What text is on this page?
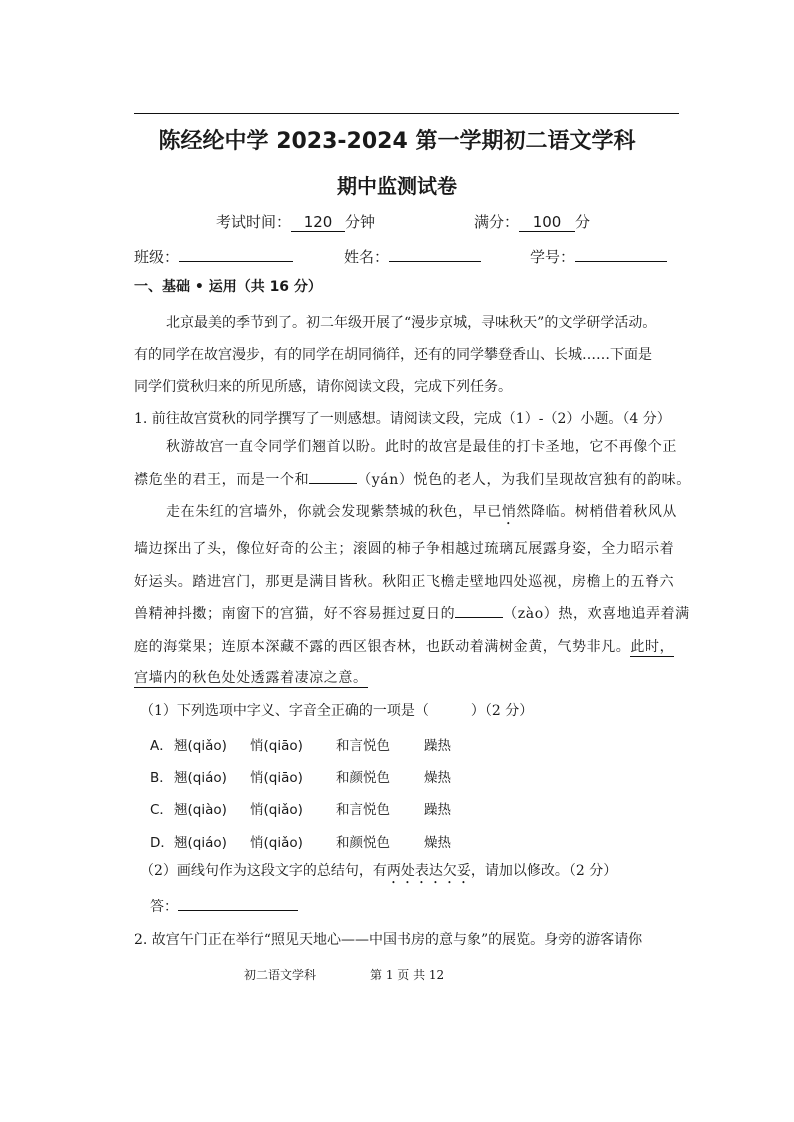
陈经纶中学 2023-2024 第一学期初二语文学科
期中监测试卷
考试时间： 120 分钟	满分： 100 分
班级：	姓名：	学号：
一、基础 • 运用（共 16 分）
北京最美的季节到了。初二年级开展了“漫步京城，寻味秋天”的文学研学活动。
有的同学在故宫漫步，有的同学在胡同徜徉，还有的同学攀登香山、长城……下面是
同学们赏秋归来的所见所感，请你阅读文段，完成下列任务。
1. 前往故宫赏秋的同学撰写了一则感想。请阅读文段，完成（1）-（2）小题。（4 分）
秋游故宫一直令同学们翘首以盼。此时的故宫是最佳的打卡圣地，它不再像个正
襟危坐的君王，而是一个和	（yán）悦色的老人，为我们呈现故宫独有的韵味。
走在朱红的宫墙外，你就会发现紫禁城的秋色，早已悄然降临。树梢借着秋风从
墙边探出了头，像位好奇的公主；滚圆的柿子争相越过琉璃瓦展露身姿，全力昭示着
好运头。踏进宫门，那更是满目皆秋。秋阳正飞檐走壁地四处巡视，房檐上的五脊六
兽精神抖擞；南窗下的宫猫，好不容易捱过夏日的	（zào）热，欢喜地追弄着满
庭的海棠果；连原本深藏不露的西区银杏林，也跃动着满树金黄，气势非凡。此时，
宫墙内的秋色处处透露着凄凉之意。
（1）下列选项中字义、字音全正确的一项是（　　　）（2 分）
A． 翘(qiǎo) 悄(qiāo) 和言悦色	躁热
B． 翘(qiáo) 悄(qiāo) 和颜悦色	燥热
C． 翘(qiào) 悄(qiǎo) 和言悦色	躁热
D． 翘(qiáo) 悄(qiǎo) 和颜悦色	燥热
（2）画线句作为这段文字的总结句，有两处表达欠妥，请加以修改。（2 分）
答：
2. 故宫午门正在举行“照见天地心——中国书房的意与象”的展览。身旁的游客请你
初二语文学科	第 1 页 共 12
